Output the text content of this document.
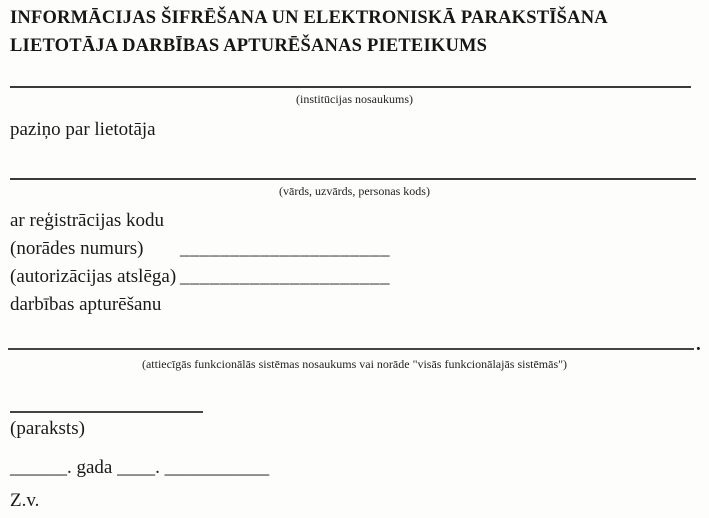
INFORMĀCIJAS ŠIFRĒŠANA UN ELEKTRONISKĀ PARAKSTĪŠANA
LIETOTĀJA DARBĪBAS APTURĒŠANAS PIETEIKUMS
(institūcijas nosaukums)
paziņo par lietotāja
(vārds, uzvārds, personas kods)
ar reģistrācijas kodu
(norādes numurs) _____________________
(autorizācijas atslēga) _____________________
darbības apturēšanu
.
(attiecīgās funkcionālās sistēmas nosaukums vai norāde "visās funkcionālajās sistēmās")
(paraksts)
______. gada ____. ___________
Z.v.
